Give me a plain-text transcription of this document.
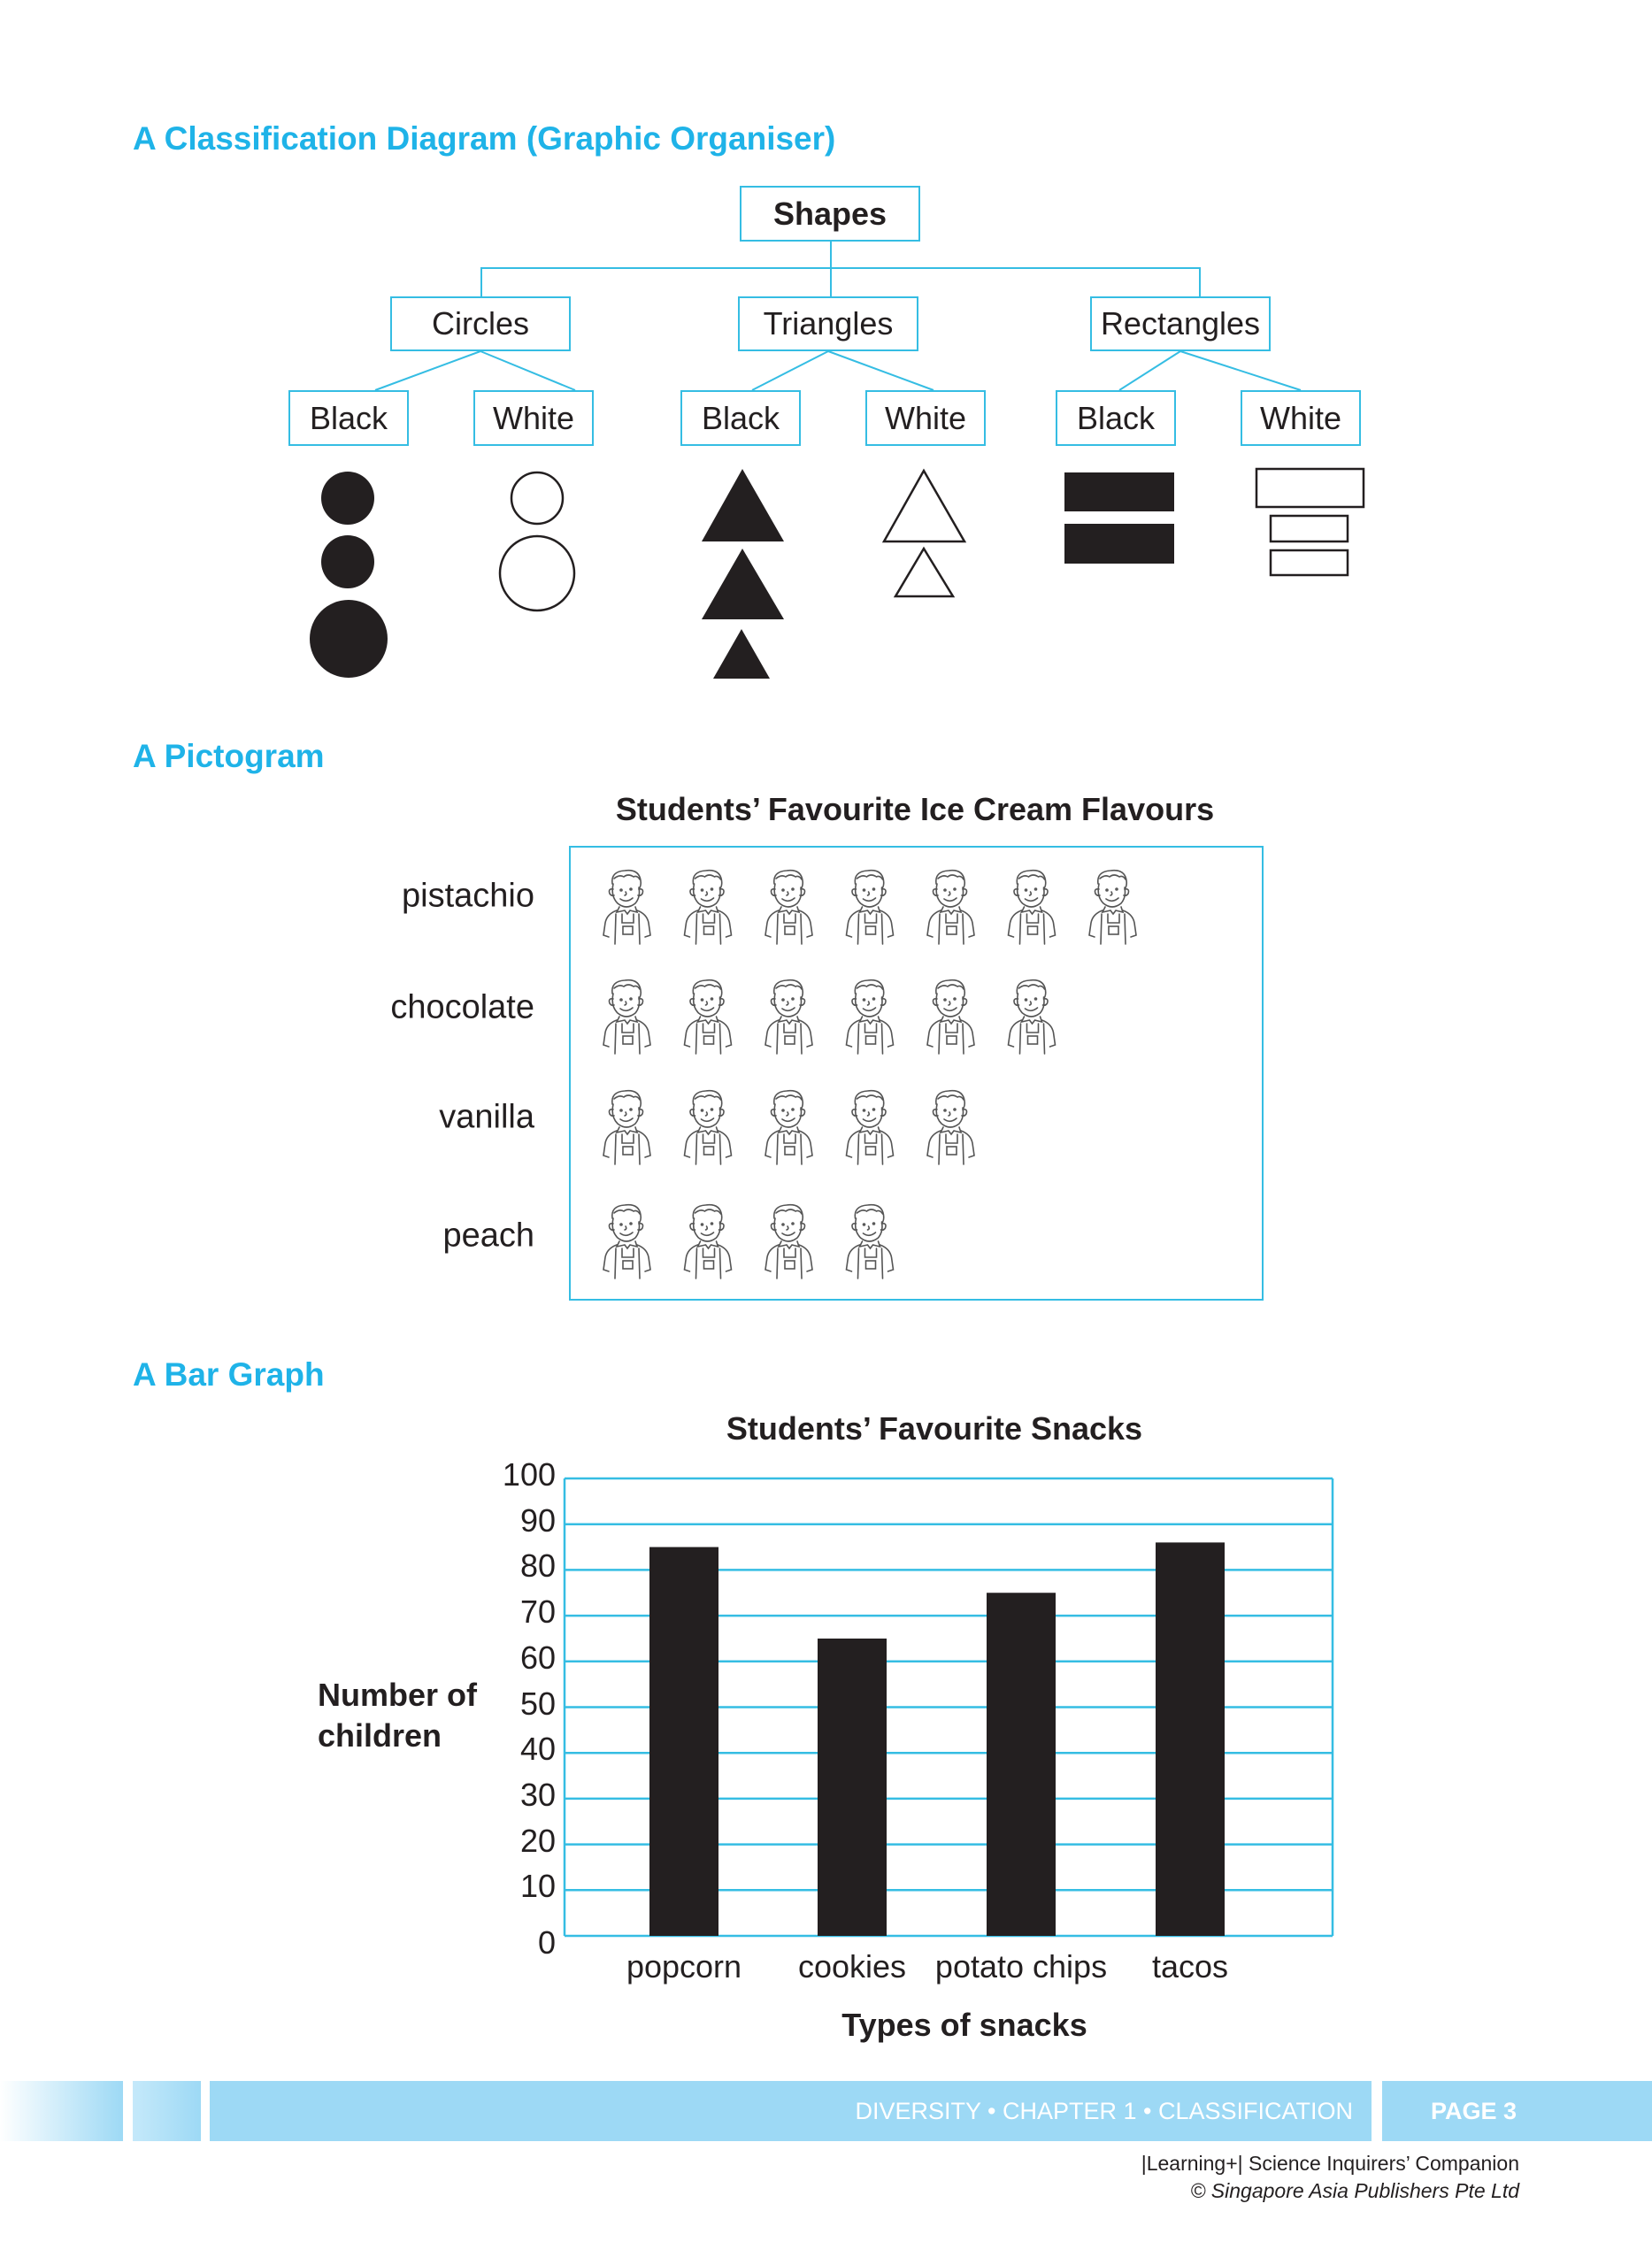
A Classification Diagram (Graphic Organiser)
Shapes
Circles	Triangles	Rectangles
Black	White	Black	White	Black	White
A Pictogram
Students’ Favourite Ice Cream Flavours
pistachio
chocolate
vanilla
peach
A Bar Graph
Students’ Favourite Snacks
Number of children
0
10
20
30
40
50
60
70
80
90
100
popcorn cookies potato chips tacos
Types of snacks
DIVERSITY • CHAPTER 1 • CLASSIFICATION	PAGE 3
|Learning+| Science Inquirers’ Companion
© Singapore Asia Publishers Pte Ltd
